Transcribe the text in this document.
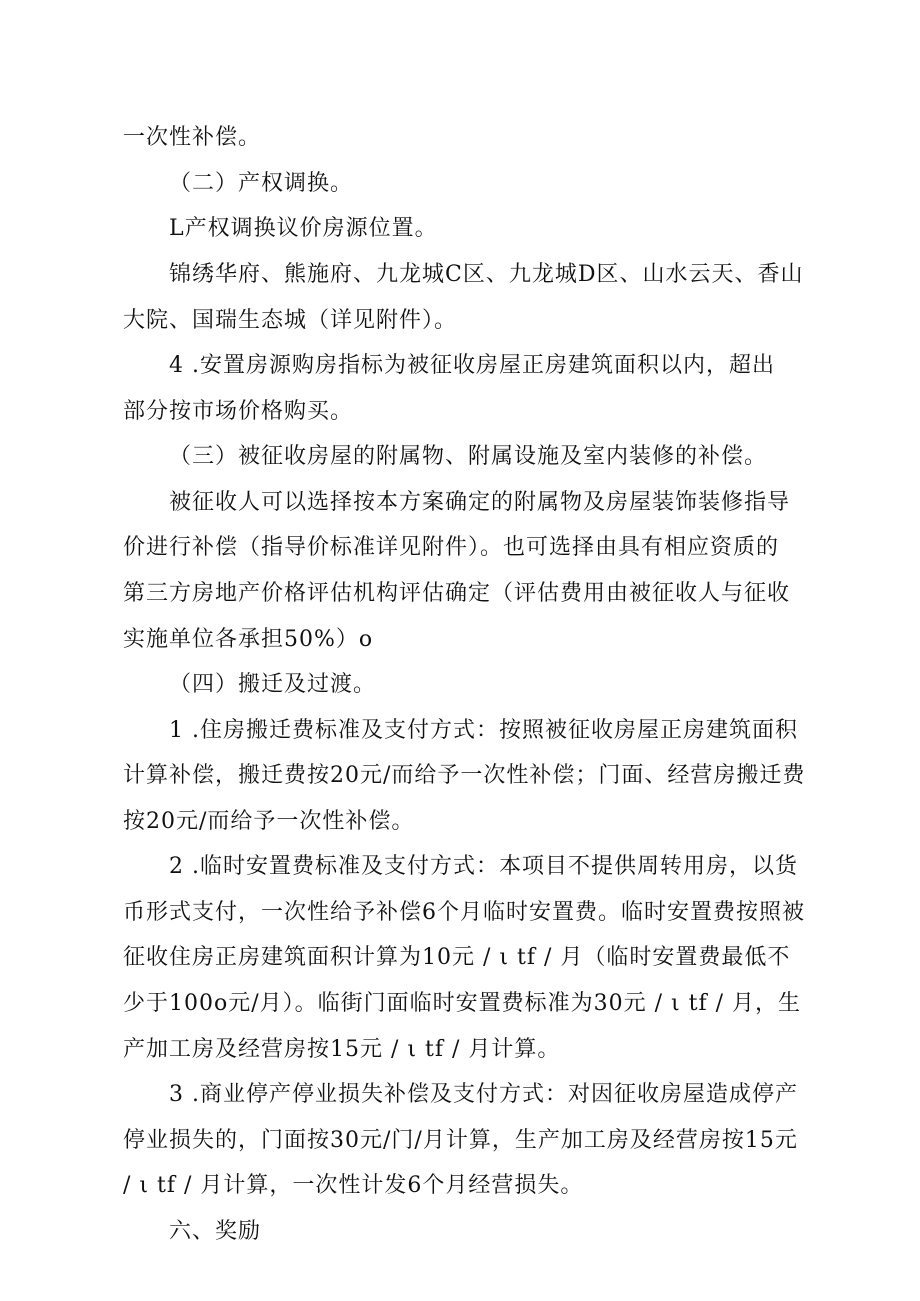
一次性补偿。
（二）产权调换。
L产权调换议价房源位置。
锦绣华府、熊施府、九龙城C区、九龙城D区、山水云天、香山
大院、国瑞生态城（详见附件）。
4 .安置房源购房指标为被征收房屋正房建筑面积以内，超出
部分按市场价格购买。
（三）被征收房屋的附属物、附属设施及室内装修的补偿。
被征收人可以选择按本方案确定的附属物及房屋装饰装修指导
价进行补偿（指导价标准详见附件）。也可选择由具有相应资质的
第三方房地产价格评估机构评估确定（评估费用由被征收人与征收
实施单位各承担50%）o
（四）搬迁及过渡。
1 .住房搬迁费标准及支付方式：按照被征收房屋正房建筑面积
计算补偿，搬迁费按20元/而给予一次性补偿；门面、经营房搬迁费
按20元/而给予一次性补偿。
2 .临时安置费标准及支付方式：本项目不提供周转用房，以货
币形式支付，一次性给予补偿6个月临时安置费。临时安置费按照被
征收住房正房建筑面积计算为10元 / ι tf / 月（临时安置费最低不
少于100o元/月）。临街门面临时安置费标准为30元 / ι tf / 月，生
产加工房及经营房按15元 / ι tf / 月计算。
3 .商业停产停业损失补偿及支付方式：对因征收房屋造成停产
停业损失的，门面按30元/门/月计算，生产加工房及经营房按15元
/ ι tf / 月计算，一次性计发6个月经营损失。
六、奖励
